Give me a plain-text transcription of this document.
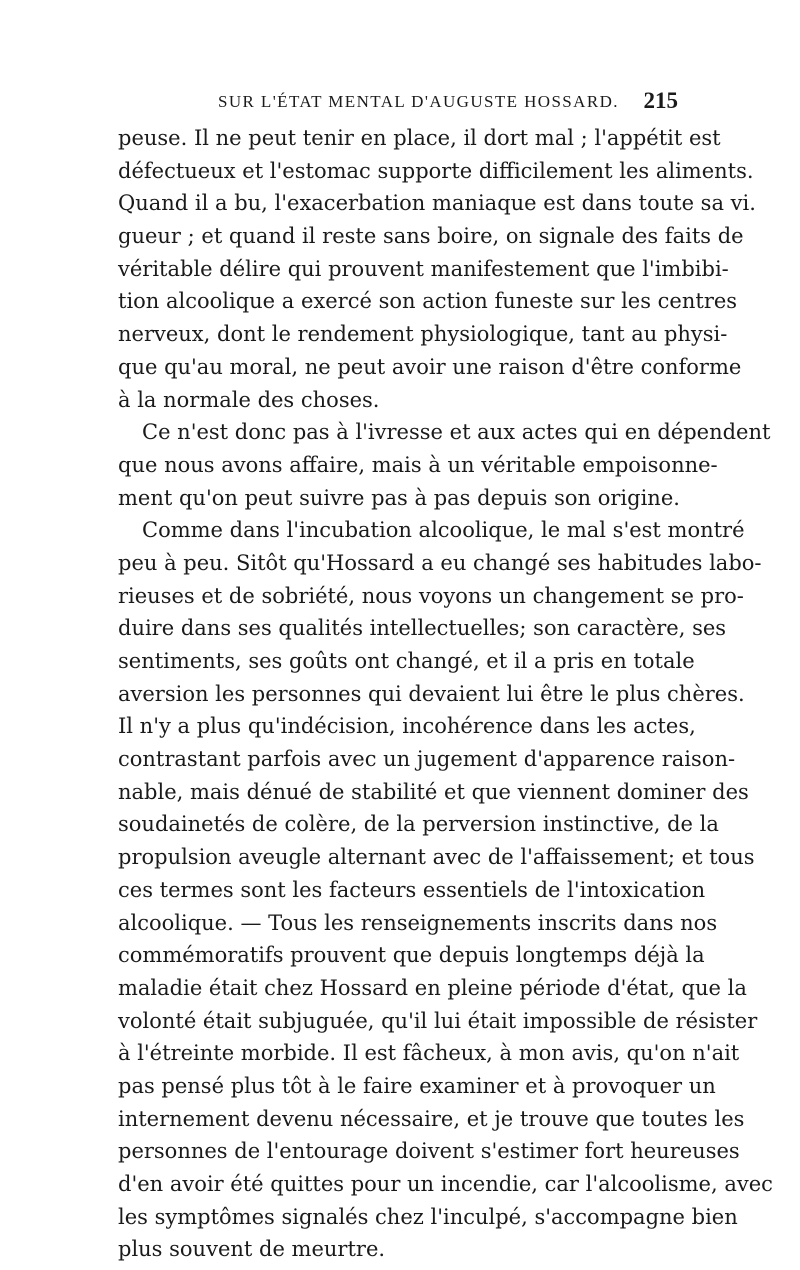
SUR L'ÉTAT MENTAL D'AUGUSTE HOSSARD. 215
peuse. Il ne peut tenir en place, il dort mal ; l'appétit est
défectueux et l'estomac supporte difficilement les aliments.
Quand il a bu, l'exacerbation maniaque est dans toute sa vi.
gueur ; et quand il reste sans boire, on signale des faits de
véritable délire qui prouvent manifestement que l'imbibi-
tion alcoolique a exercé son action funeste sur les centres
nerveux, dont le rendement physiologique, tant au physi-
que qu'au moral, ne peut avoir une raison d'être conforme
à la normale des choses.
Ce n'est donc pas à l'ivresse et aux actes qui en dépendent
que nous avons affaire, mais à un véritable empoisonne-
ment qu'on peut suivre pas à pas depuis son origine.
Comme dans l'incubation alcoolique, le mal s'est montré
peu à peu. Sitôt qu'Hossard a eu changé ses habitudes labo-
rieuses et de sobriété, nous voyons un changement se pro-
duire dans ses qualités intellectuelles; son caractère, ses
sentiments, ses goûts ont changé, et il a pris en totale
aversion les personnes qui devaient lui être le plus chères.
Il n'y a plus qu'indécision, incohérence dans les actes,
contrastant parfois avec un jugement d'apparence raison-
nable, mais dénué de stabilité et que viennent dominer des
soudainetés de colère, de la perversion instinctive, de la
propulsion aveugle alternant avec de l'affaissement; et tous
ces termes sont les facteurs essentiels de l'intoxication
alcoolique. — Tous les renseignements inscrits dans nos
commémoratifs prouvent que depuis longtemps déjà la
maladie était chez Hossard en pleine période d'état, que la
volonté était subjuguée, qu'il lui était impossible de résister
à l'étreinte morbide. Il est fâcheux, à mon avis, qu'on n'ait
pas pensé plus tôt à le faire examiner et à provoquer un
internement devenu nécessaire, et je trouve que toutes les
personnes de l'entourage doivent s'estimer fort heureuses
d'en avoir été quittes pour un incendie, car l'alcoolisme, avec
les symptômes signalés chez l'inculpé, s'accompagne bien
plus souvent de meurtre.
